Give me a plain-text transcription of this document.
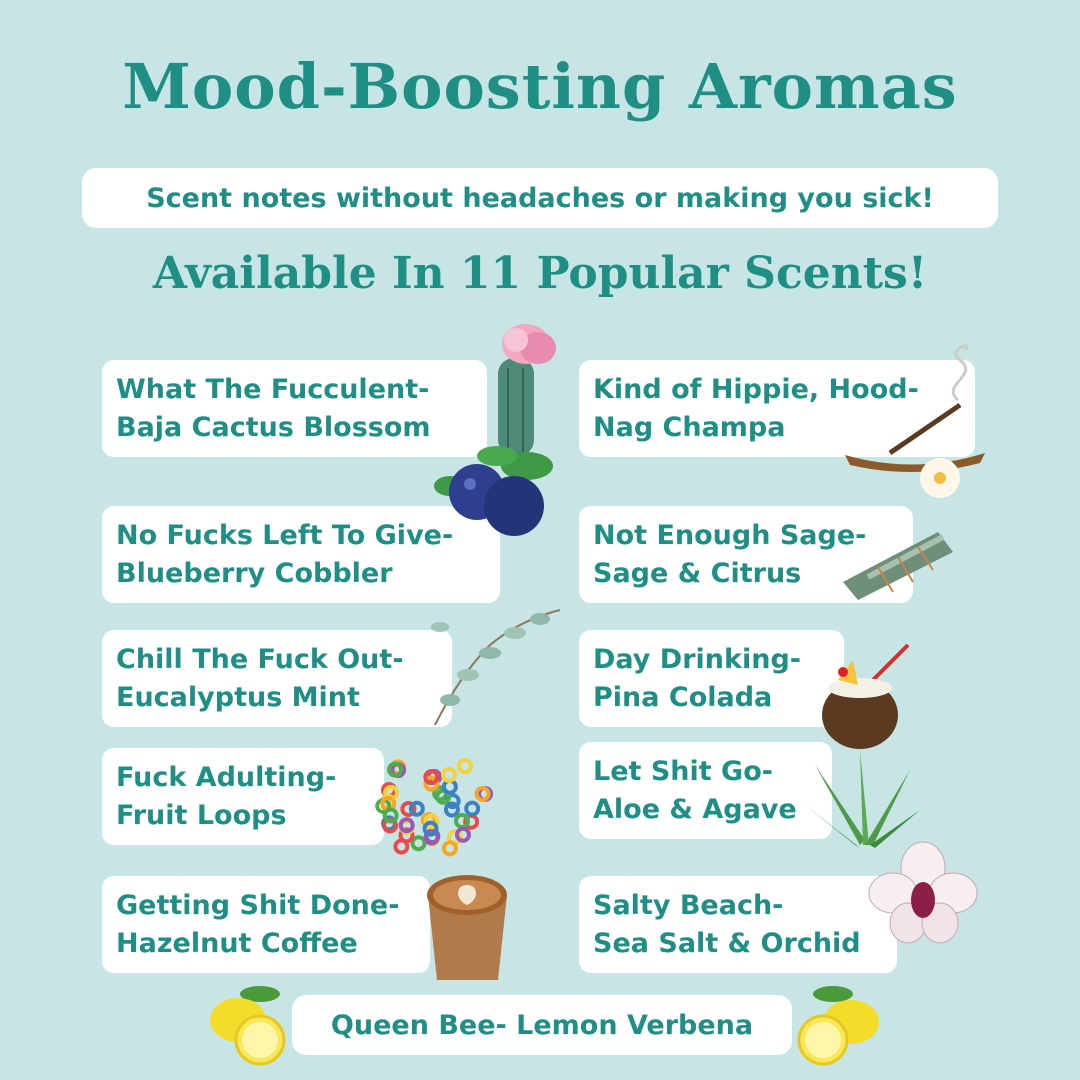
Mood-Boosting Aromas
Scent notes without headaches or making you sick!
Available In 11 Popular Scents!
What The Fucculent-
Baja Cactus Blossom
No Fucks Left To Give-
Blueberry Cobbler
Chill The Fuck Out-
Eucalyptus Mint
Fuck Adulting-
Fruit Loops
Getting Shit Done-
Hazelnut Coffee
Kind of Hippie, Hood-
Nag Champa
Not Enough Sage-
Sage & Citrus
Day Drinking-
Pina Colada
Let Shit Go-
Aloe & Agave
Salty Beach-
Sea Salt & Orchid
Queen Bee- Lemon Verbena
